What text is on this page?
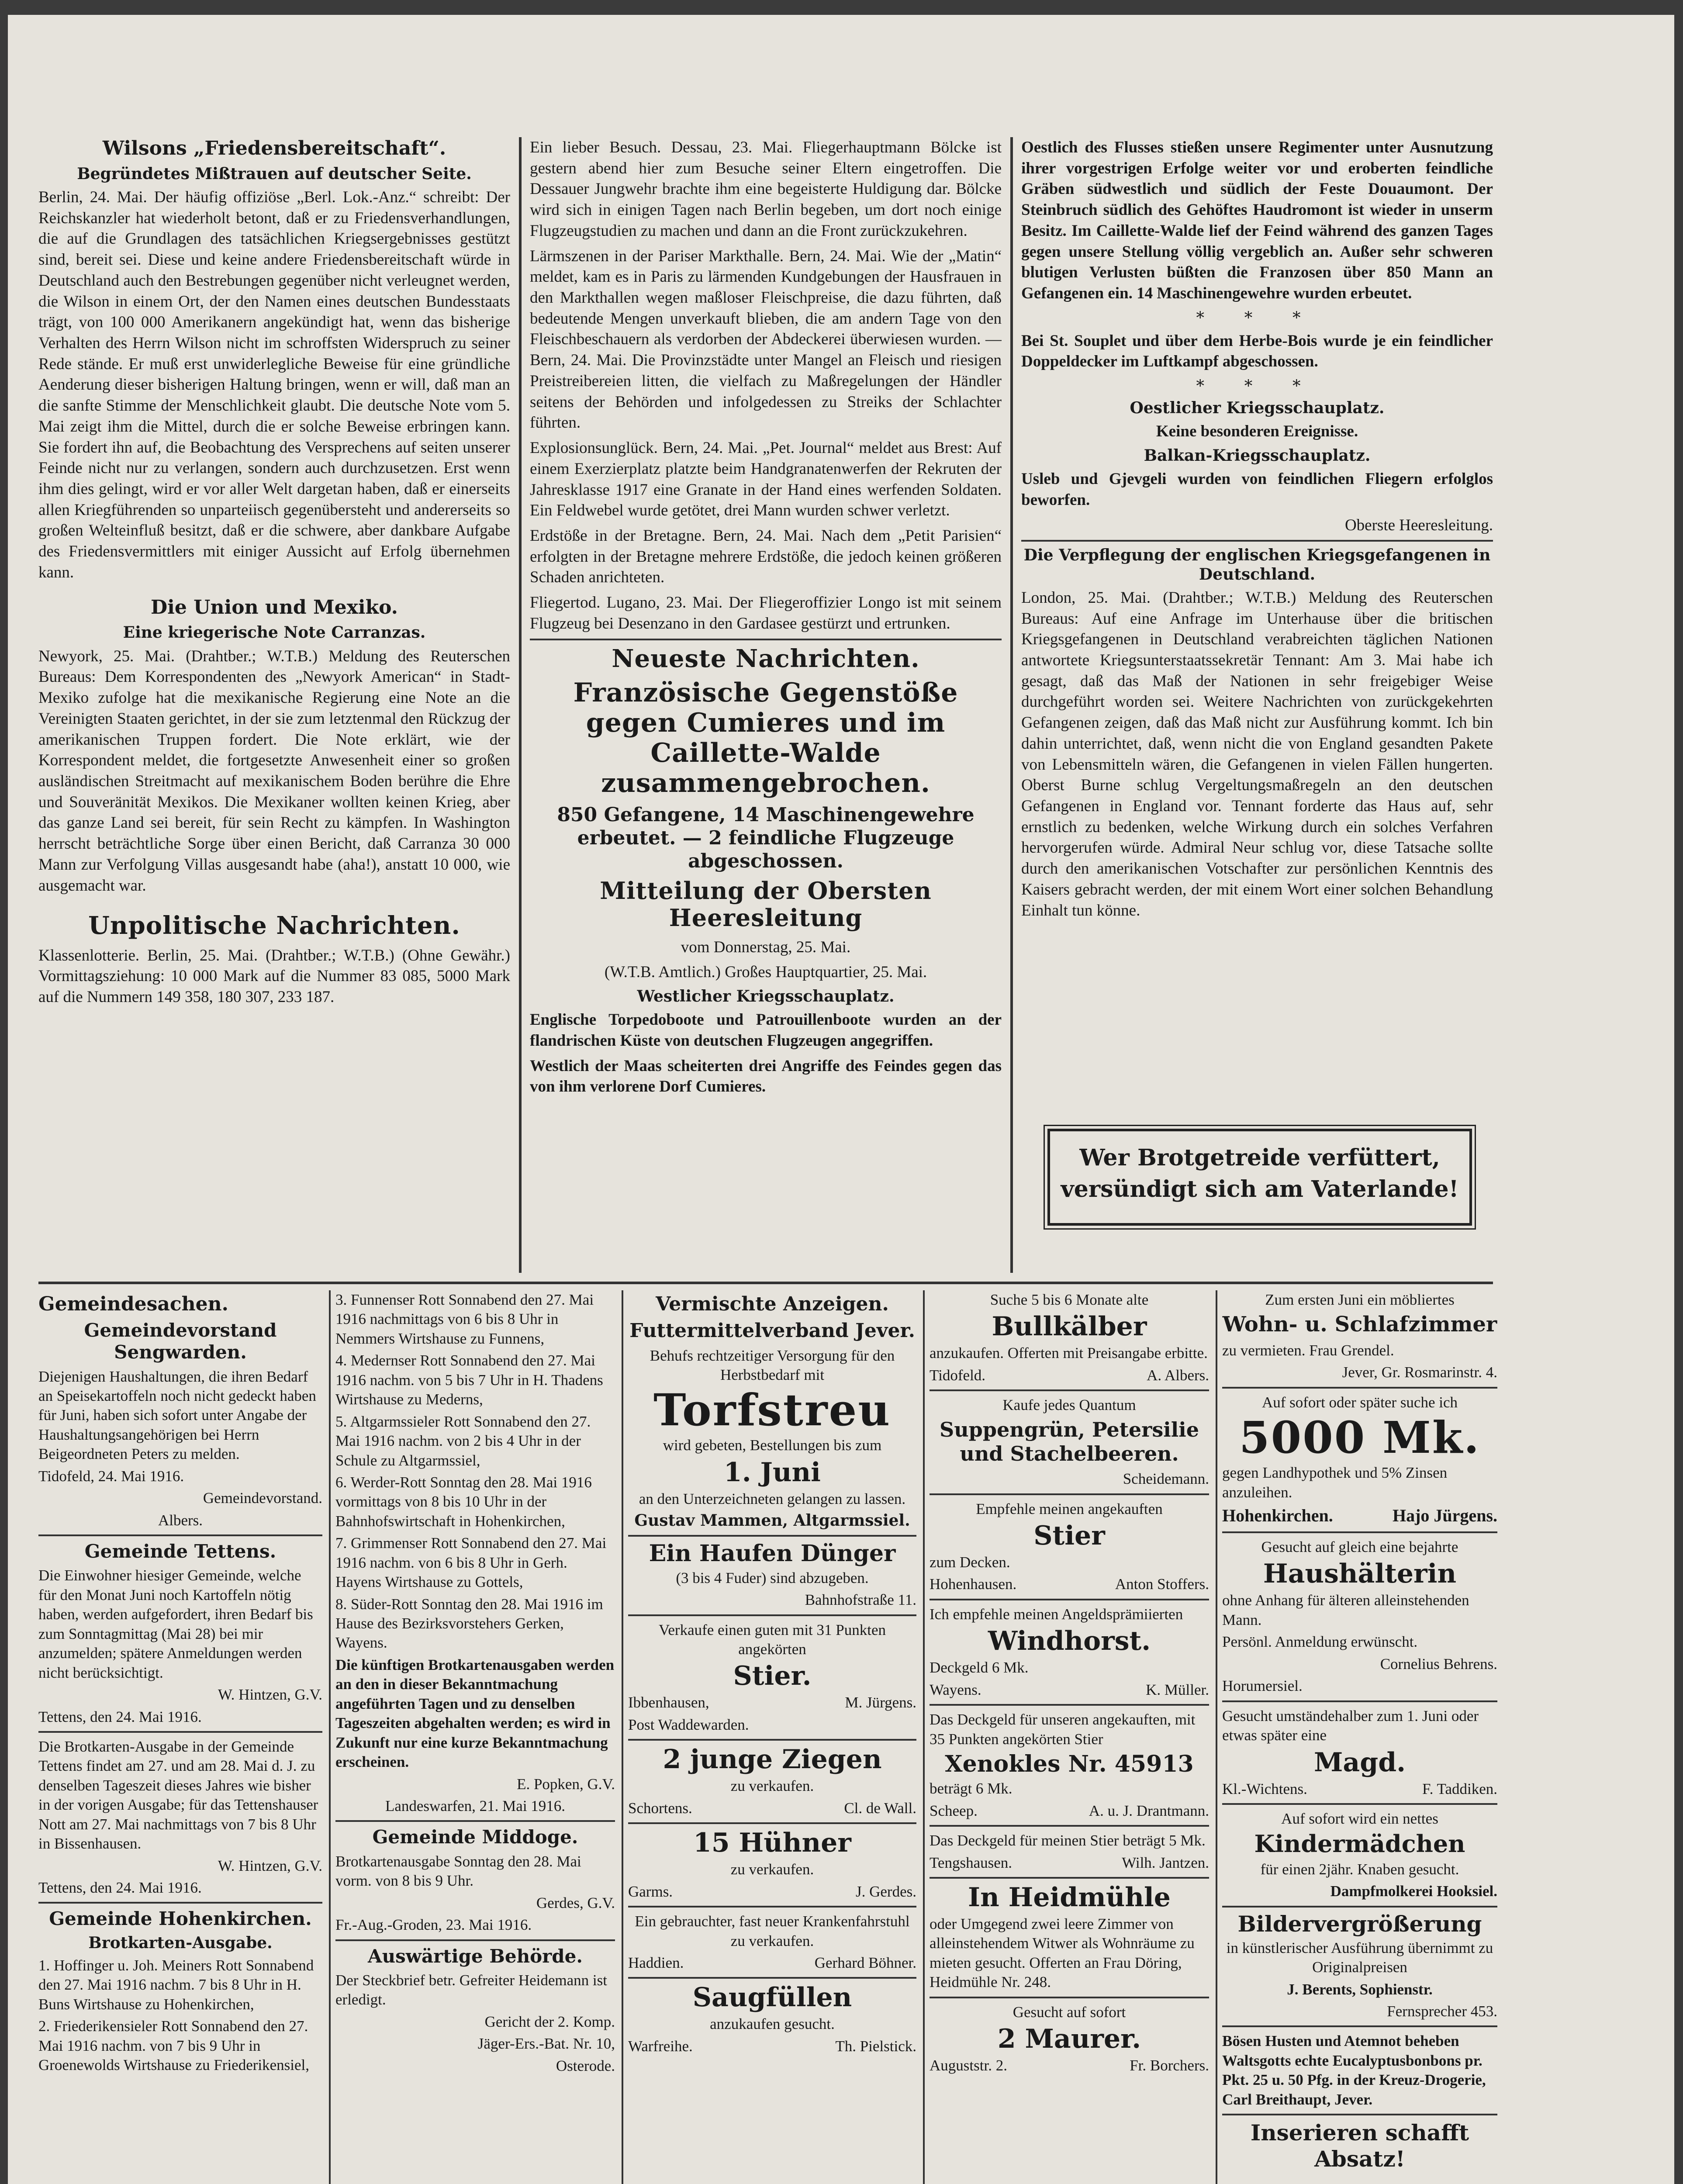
Wilsons „Friedensbereitschaft“.
Begründetes Mißtrauen auf deutscher Seite.

Berlin, 24. Mai. Der häufig offiziöse „Berl. Lok.-Anz.“ schreibt: Der Reichskanzler hat wiederholt betont, daß er zu Friedensverhandlungen, die auf die Grundlagen des tatsächlichen Kriegsergebnisses gestützt sind, bereit sei. Diese und keine andere Friedensbereitschaft würde in Deutschland auch den Bestrebungen gegenüber nicht verleugnet werden, die Wilson in einem Ort, der den Namen eines deutschen Bundesstaats trägt, von 100 000 Amerikanern angekündigt hat, wenn das bisherige Verhalten des Herrn Wilson nicht im schroffsten Widerspruch zu seiner Rede stände. Er muß erst unwiderlegliche Beweise für eine gründliche Aenderung dieser bisherigen Haltung bringen, wenn er will, daß man an die sanfte Stimme der Menschlichkeit glaubt. Die deutsche Note vom 5. Mai zeigt ihm die Mittel, durch die er solche Beweise erbringen kann. Sie fordert ihn auf, die Beobachtung des Versprechens auf seiten unserer Feinde nicht nur zu verlangen, sondern auch durchzusetzen. Erst wenn ihm dies gelingt, wird er vor aller Welt dargetan haben, daß er einerseits allen Kriegführenden so unparteiisch gegenübersteht und andererseits so großen Welteinfluß besitzt, daß er die schwere, aber dankbare Aufgabe des Friedensvermittlers mit einiger Aussicht auf Erfolg übernehmen kann.

Die Union und Mexiko.
Eine kriegerische Note Carranzas.

Newyork, 25. Mai. (Drahtber.; W.T.B.) Meldung des Reuterschen Bureaus: Dem Korrespondenten des „Newyork American“ in Stadt-Mexiko zufolge hat die mexikanische Regierung eine Note an die Vereinigten Staaten gerichtet, in der sie zum letztenmal den Rückzug der amerikanischen Truppen fordert. Die Note erklärt, wie der Korrespondent meldet, die fortgesetzte Anwesenheit einer so großen ausländischen Streitmacht auf mexikanischem Boden berühre die Ehre und Souveränität Mexikos. Die Mexikaner wollten keinen Krieg, aber das ganze Land sei bereit, für sein Recht zu kämpfen. In Washington herrscht beträchtliche Sorge über einen Bericht, daß Carranza 30 000 Mann zur Verfolgung Villas ausgesandt habe (aha!), anstatt 10 000, wie ausgemacht war.

Unpolitische Nachrichten.

Klassenlotterie. Berlin, 25. Mai. (Drahtber.; W.T.B.) (Ohne Gewähr.) Vormittagsziehung: 10 000 Mark auf die Nummer 83 085, 5000 Mark auf die Nummern 149 358, 180 307, 233 187.

Ein lieber Besuch. Dessau, 23. Mai. Fliegerhauptmann Bölcke ist gestern abend hier zum Besuche seiner Eltern eingetroffen. Die Dessauer Jungwehr brachte ihm eine begeisterte Huldigung dar. Bölcke wird sich in einigen Tagen nach Berlin begeben, um dort noch einige Flugzeugstudien zu machen und dann an die Front zurückzukehren.

Lärmszenen in der Pariser Markthalle. Bern, 24. Mai. Wie der „Matin“ meldet, kam es in Paris zu lärmenden Kundgebungen der Hausfrauen in den Markthallen wegen maßloser Fleischpreise, die dazu führten, daß bedeutende Mengen unverkauft blieben, die am andern Tage von den Fleischbeschauern als verdorben der Abdeckerei überwiesen wurden. — Bern, 24. Mai. Die Provinzstädte unter Mangel an Fleisch und riesigen Preistreibereien litten, die vielfach zu Maßregelungen der Händler seitens der Behörden und infolgedessen zu Streiks der Schlachter führten.

Explosionsunglück. Bern, 24. Mai. „Pet. Journal“ meldet aus Brest: Auf einem Exerzierplatz platzte beim Handgranatenwerfen der Rekruten der Jahresklasse 1917 eine Granate in der Hand eines werfenden Soldaten. Ein Feldwebel wurde getötet, drei Mann wurden schwer verletzt.

Erdstöße in der Bretagne. Bern, 24. Mai. Nach dem „Petit Parisien“ erfolgten in der Bretagne mehrere Erdstöße, die jedoch keinen größeren Schaden anrichteten.

Fliegertod. Lugano, 23. Mai. Der Fliegeroffizier Longo ist mit seinem Flugzeug bei Desenzano in den Gardasee gestürzt und ertrunken.

Neueste Nachrichten.
Französische Gegenstöße gegen Cumieres und im Caillette-Walde zusammengebrochen.
850 Gefangene, 14 Maschinengewehre erbeutet. — 2 feindliche Flugzeuge abgeschossen.
Mitteilung der Obersten Heeresleitung
vom Donnerstag, 25. Mai.
(W.T.B. Amtlich.) Großes Hauptquartier, 25. Mai.
Westlicher Kriegsschauplatz.

Englische Torpedoboote und Patrouillenboote wurden an der flandrischen Küste von deutschen Flugzeugen angegriffen.

Westlich der Maas scheiterten drei Angriffe des Feindes gegen das von ihm verlorene Dorf Cumieres.

Oestlich des Flusses stießen unsere Regimenter unter Ausnutzung ihrer vorgestrigen Erfolge weiter vor und eroberten feindliche Gräben südwestlich und südlich der Feste Douaumont. Der Steinbruch südlich des Gehöftes Haudromont ist wieder in unserm Besitz. Im Caillette-Walde lief der Feind während des ganzen Tages gegen unsere Stellung völlig vergeblich an. Außer sehr schweren blutigen Verlusten büßten die Franzosen über 850 Mann an Gefangenen ein. 14 Maschinengewehre wurden erbeutet.

* * *

Bei St. Souplet und über dem Herbe-Bois wurde je ein feindlicher Doppeldecker im Luftkampf abgeschossen.

* * *
Oestlicher Kriegsschauplatz.
Keine besonderen Ereignisse.
Balkan-Kriegsschauplatz.

Usleb und Gjevgeli wurden von feindlichen Fliegern erfolglos beworfen.

Oberste Heeresleitung.
Die Verpflegung der englischen Kriegsgefangenen in Deutschland.

London, 25. Mai. (Drahtber.; W.T.B.) Meldung des Reuterschen Bureaus: Auf eine Anfrage im Unterhause über die britischen Kriegsgefangenen in Deutschland verabreichten täglichen Nationen antwortete Kriegsunterstaatssekretär Tennant: Am 3. Mai habe ich gesagt, daß das Maß der Nationen in sehr freigebiger Weise durchgeführt worden sei. Weitere Nachrichten von zurückgekehrten Gefangenen zeigen, daß das Maß nicht zur Ausführung kommt. Ich bin dahin unterrichtet, daß, wenn nicht die von England gesandten Pakete von Lebensmitteln wären, die Gefangenen in vielen Fällen hungerten. Oberst Burne schlug Vergeltungsmaßregeln an den deutschen Gefangenen in England vor. Tennant forderte das Haus auf, sehr ernstlich zu bedenken, welche Wirkung durch ein solches Verfahren hervorgerufen würde. Admiral Neur schlug vor, diese Tatsache sollte durch den amerikanischen Votschafter zur persönlichen Kenntnis des Kaisers gebracht werden, der mit einem Wort einer solchen Behandlung Einhalt tun könne.

Wer Brotgetreide verfüttert,
versündigt sich am Vaterlande!
Gemeindesachen.
Gemeindevorstand Sengwarden.

Diejenigen Haushaltungen, die ihren Bedarf an Speisekartoffeln noch nicht gedeckt haben für Juni, haben sich sofort unter Angabe der Haushaltungsangehörigen bei Herrn Beigeordneten Peters zu melden.

Tidofeld, 24. Mai 1916.

Gemeindevorstand.

Albers.

Gemeinde Tettens.

Die Einwohner hiesiger Gemeinde, welche für den Monat Juni noch Kartoffeln nötig haben, werden aufgefordert, ihren Bedarf bis zum Sonntagmittag (Mai 28) bei mir anzumelden; spätere Anmeldungen werden nicht berücksichtigt.

W. Hintzen, G.V.

Tettens, den 24. Mai 1916.

Die Brotkarten-Ausgabe in der Gemeinde Tettens findet am 27. und am 28. Mai d. J. zu denselben Tageszeit dieses Jahres wie bisher in der vorigen Ausgabe; für das Tettenshauser Nott am 27. Mai nachmittags von 7 bis 8 Uhr in Bissenhausen.

W. Hintzen, G.V.

Tettens, den 24. Mai 1916.

Gemeinde Hohenkirchen.
Brotkarten-Ausgabe.

1. Hoffinger u. Joh. Meiners Rott Sonnabend den 27. Mai 1916 nachm. 7 bis 8 Uhr in H. Buns Wirtshause zu Hohenkirchen,

2. Friederikensieler Rott Sonnabend den 27. Mai 1916 nachm. von 7 bis 9 Uhr in Groenewolds Wirtshause zu Friederikensiel,

3. Funnenser Rott Sonnabend den 27. Mai 1916 nachmittags von 6 bis 8 Uhr in Nemmers Wirtshause zu Funnens,

4. Medernser Rott Sonnabend den 27. Mai 1916 nachm. von 5 bis 7 Uhr in H. Thadens Wirtshause zu Mederns,

5. Altgarmssieler Rott Sonnabend den 27. Mai 1916 nachm. von 2 bis 4 Uhr in der Schule zu Altgarmssiel,

6. Werder-Rott Sonntag den 28. Mai 1916 vormittags von 8 bis 10 Uhr in der Bahnhofswirtschaft in Hohenkirchen,

7. Grimmenser Rott Sonnabend den 27. Mai 1916 nachm. von 6 bis 8 Uhr in Gerh. Hayens Wirtshause zu Gottels,

8. Süder-Rott Sonntag den 28. Mai 1916 im Hause des Bezirksvorstehers Gerken, Wayens.

Die künftigen Brotkartenausgaben werden an den in dieser Bekanntmachung angeführten Tagen und zu denselben Tageszeiten abgehalten werden; es wird in Zukunft nur eine kurze Bekanntmachung erscheinen.

E. Popken, G.V.

Landeswarfen, 21. Mai 1916.

Gemeinde Middoge.

Brotkartenausgabe Sonntag den 28. Mai vorm. von 8 bis 9 Uhr.

Gerdes, G.V.

Fr.-Aug.-Groden, 23. Mai 1916.

Auswärtige Behörde.

Der Steckbrief betr. Gefreiter Heidemann ist erledigt.

Gericht der 2. Komp.

Jäger-Ers.-Bat. Nr. 10,

Osterode.

Vermischte Anzeigen.
Futtermittelverband Jever.

Behufs rechtzeitiger Versorgung für den Herbstbedarf mit

Torfstreu

wird gebeten, Bestellungen bis zum

1. Juni

an den Unterzeichneten gelangen zu lassen.

Gustav Mammen, Altgarmssiel.
Ein Haufen Dünger

(3 bis 4 Fuder) sind abzugeben.

Bahnhofstraße 11.

Verkaufe einen guten mit 31 Punkten angekörten

Stier.
Ibbenhausen,	M. Jürgens.

Post Waddewarden.

2 junge Ziegen

zu verkaufen.

Schortens.	Cl. de Wall.
15 Hühner

zu verkaufen.

Garms.	J. Gerdes.

Ein gebrauchter, fast neuer Krankenfahrstuhl zu verkaufen.

Haddien.	Gerhard Böhner.
Saugfüllen

anzukaufen gesucht.

Warfreihe.	Th. Pielstick.

Suche 5 bis 6 Monate alte

Bullkälber

anzukaufen. Offerten mit Preisangabe erbitte.

Tidofeld.	A. Albers.

Kaufe jedes Quantum

Suppengrün, Petersilie und Stachelbeeren.

Scheidemann.

Empfehle meinen angekauften

Stier

zum Decken.

Hohenhausen.	Anton Stoffers.

Ich empfehle meinen Angeldsprämiierten

Windhorst.

Deckgeld 6 Mk.

Wayens.	K. Müller.

Das Deckgeld für unseren angekauften, mit 35 Punkten angekörten Stier

Xenokles Nr. 45913

beträgt 6 Mk.

Scheep.	A. u. J. Drantmann.

Das Deckgeld für meinen Stier beträgt 5 Mk.

Tengshausen.	Wilh. Jantzen.
In Heidmühle

oder Umgegend zwei leere Zimmer von alleinstehendem Witwer als Wohnräume zu mieten gesucht. Offerten an Frau Döring, Heidmühle Nr. 248.

Gesucht auf sofort

2 Maurer.
Auguststr. 2.	Fr. Borchers.

Zum ersten Juni ein möbliertes

Wohn- u. Schlafzimmer

zu vermieten. Frau Grendel.

Jever, Gr. Rosmarinstr. 4.

Auf sofort oder später suche ich

5000 Mk.

gegen Landhypothek und 5% Zinsen anzuleihen.

Hohenkirchen.	Hajo Jürgens.

Gesucht auf gleich eine bejahrte

Haushälterin

ohne Anhang für älteren alleinstehenden Mann.

Persönl. Anmeldung erwünscht.

Cornelius Behrens.

Horumersiel.

Gesucht umständehalber zum 1. Juni oder etwas später eine

Magd.
Kl.-Wichtens.	F. Taddiken.

Auf sofort wird ein nettes

Kindermädchen

für einen 2jähr. Knaben gesucht.

Dampfmolkerei Hooksiel.

Bildervergrößerung

in künstlerischer Ausführung übernimmt zu Originalpreisen

J. Berents, Sophienstr.

Fernsprecher 453.

Bösen Husten und Atemnot beheben Waltsgotts echte Eucalyptusbonbons pr. Pkt. 25 u. 50 Pfg. in der Kreuz-Drogerie, Carl Breithaupt, Jever.

Inserieren schafft Absatz!
